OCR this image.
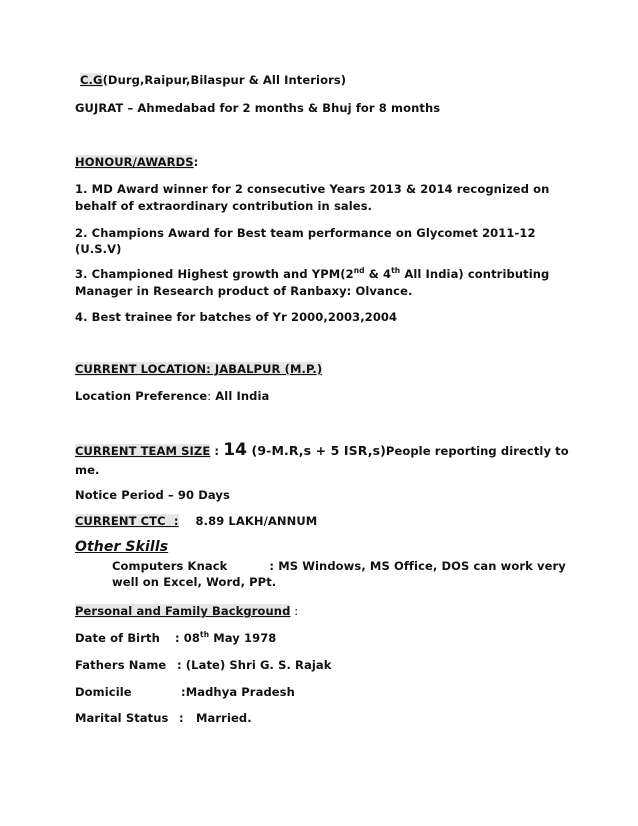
C.G(Durg,Raipur,Bilaspur & All Interiors)
GUJRAT – Ahmedabad for 2 months & Bhuj for 8 months
HONOUR/AWARDS:
1. MD Award winner for 2 consecutive Years 2013 & 2014 recognized on
behalf of extraordinary contribution in sales.
2. Champions Award for Best team performance on Glycomet 2011-12
(U.S.V)
3. Championed Highest growth and YPM(2nd & 4th All India) contributing
Manager in Research product of Ranbaxy: Olvance.
4. Best trainee for batches of Yr 2000,2003,2004
CURRENT LOCATION: JABALPUR (M.P.)
Location Preference: All India
CURRENT TEAM SIZE : 14 (9-M.R,s + 5 ISR,s)People reporting directly to
me.
Notice Period – 90 Days
CURRENT CTC  : 8.89 LAKH/ANNUM
Other Skills
Computers Knack	: MS Windows, MS Office, DOS can work very
well on Excel, Word, PPt.
Personal and Family Background :
Date of Birth : 08th May 1978
Fathers Name : (Late) Shri G. S. Rajak
Domicile	:Madhya Pradesh
Marital Status :   Married.
